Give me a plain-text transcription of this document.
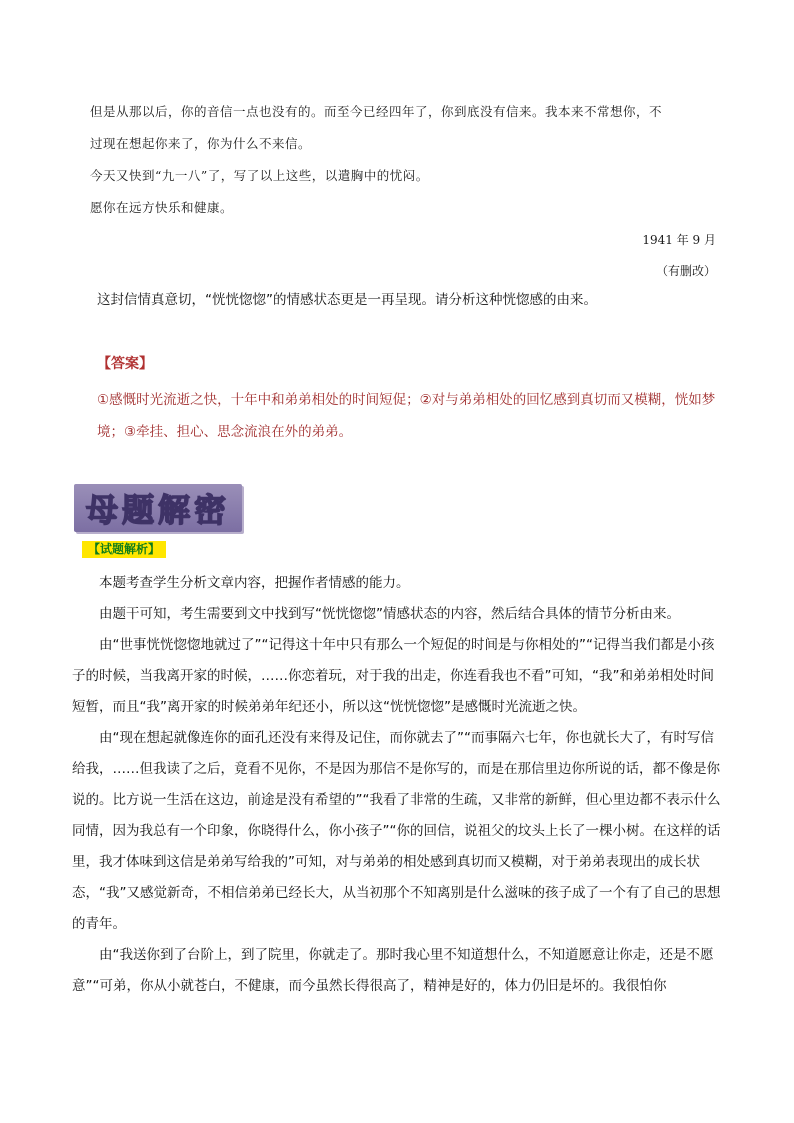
但是从那以后，你的音信一点也没有的。而至今已经四年了，你到底没有信来。我本来不常想你，不
过现在想起你来了，你为什么不来信。
今天又快到“九一八”了，写了以上这些，以遣胸中的忧闷。
愿你在远方快乐和健康。
1941 年 9 月
（有删改）
这封信情真意切，“恍恍惚惚”的情感状态更是一再呈现。请分析这种恍惚感的由来。
【答案】
①感慨时光流逝之快，十年中和弟弟相处的时间短促；②对与弟弟相处的回忆感到真切而又模糊，恍如梦境；③牵挂、担心、思念流浪在外的弟弟。
母题解密
【试题解析】

本题考查学生分析文章内容，把握作者情感的能力。

由题干可知，考生需要到文中找到写“恍恍惚惚”情感状态的内容，然后结合具体的情节分析由来。

由“世事恍恍惚惚地就过了”“记得这十年中只有那么一个短促的时间是与你相处的”“记得当我们都是小孩子的时候，当我离开家的时候，……你恋着玩，对于我的出走，你连看我也不看”可知，“我”和弟弟相处时间短暂，而且“我”离开家的时候弟弟年纪还小，所以这“恍恍惚惚”是感慨时光流逝之快。

由“现在想起就像连你的面孔还没有来得及记住，而你就去了”“而事隔六七年，你也就长大了，有时写信给我，……但我读了之后，竟看不见你，不是因为那信不是你写的，而是在那信里边你所说的话，都不像是你说的。比方说一生活在这边，前途是没有希望的”“我看了非常的生疏，又非常的新鲜，但心里边都不表示什么同情，因为我总有一个印象，你晓得什么，你小孩子”“你的回信，说祖父的坟头上长了一棵小树。在这样的话里，我才体味到这信是弟弟写给我的”可知，对与弟弟的相处感到真切而又模糊，对于弟弟表现出的成长状态，“我”又感觉新奇，不相信弟弟已经长大，从当初那个不知离别是什么滋味的孩子成了一个有了自己的思想的青年。

由“我送你到了台阶上，到了院里，你就走了。那时我心里不知道想什么，不知道愿意让你走，还是不愿意”“可弟，你从小就苍白，不健康，而今虽然长得很高了，精神是好的，体力仍旧是坏的。我很怕你
